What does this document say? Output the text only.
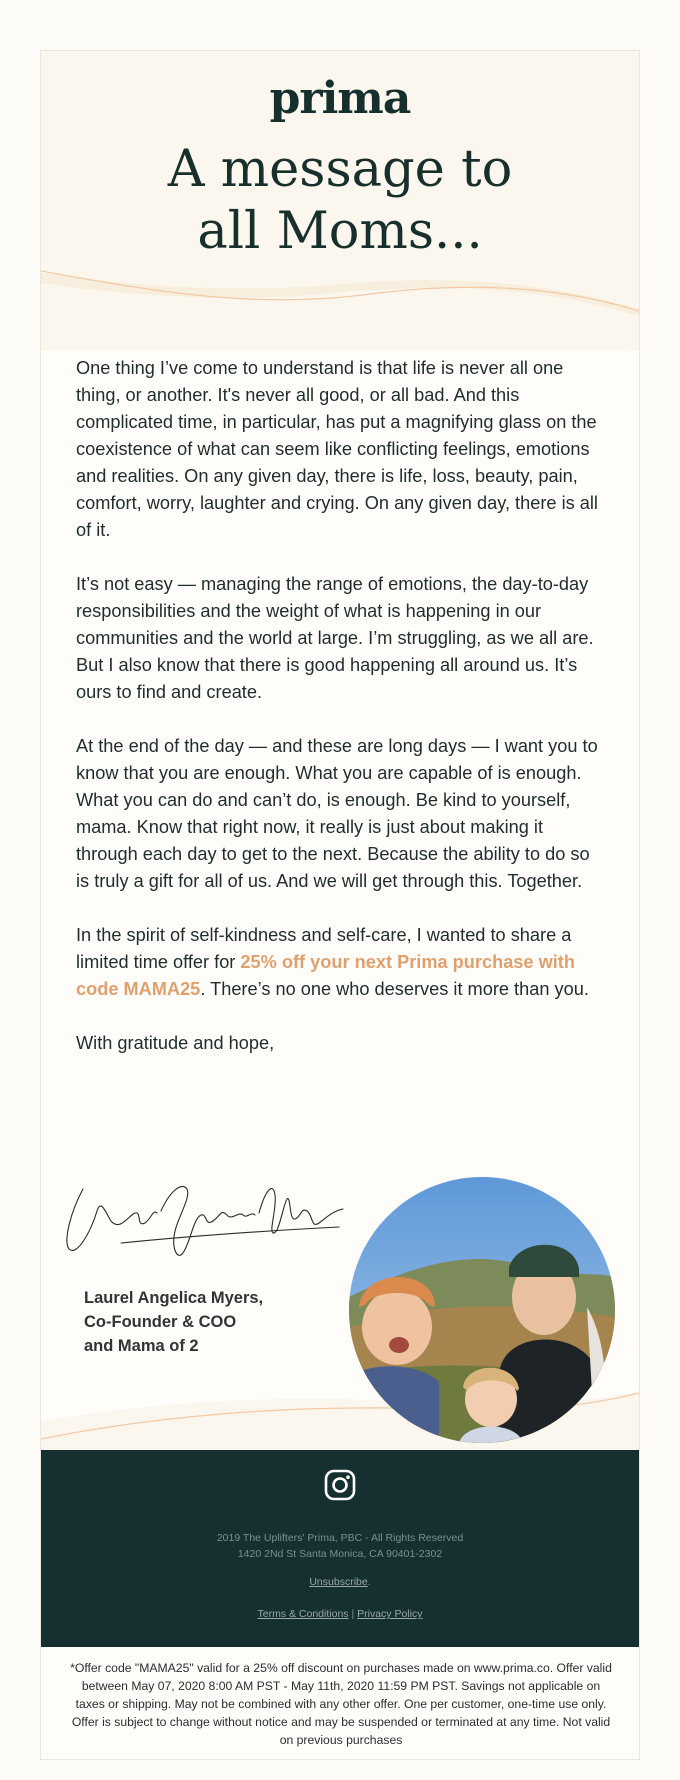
prima
A message to
all Moms...

One thing I’ve come to understand is that life is never all one thing, or another. It's never all good, or all bad. And this complicated time, in particular, has put a magnifying glass on the coexistence of what can seem like conflicting feelings, emotions and realities. On any given day, there is life, loss, beauty, pain, comfort, worry, laughter and crying. On any given day, there is all of it.

It’s not easy — managing the range of emotions, the day-to-day responsibilities and the weight of what is happening in our communities and the world at large. I’m struggling, as we all are. But I also know that there is good happening all around us. It’s ours to find and create.

At the end of the day — and these are long days — I want you to know that you are enough. What you are capable of is enough. What you can do and can’t do, is enough. Be kind to yourself, mama. Know that right now, it really is just about making it through each day to get to the next. Because the ability to do so is truly a gift for all of us. And we will get through this. Together.

In the spirit of self-kindness and self-care, I wanted to share a limited time offer for 25% off your next Prima purchase with code MAMA25. There’s no one who deserves it more than you.

With gratitude and hope,

Laurel Angelica Myers
Laurel Angelica Myers,
Co-Founder & COO
and Mama of 2
2019 The Uplifters' Prima, PBC - All Rights Reserved
1420 2Nd St Santa Monica, CA 90401-2302
Unsubscribe.
Terms & Conditions | Privacy Policy
*Offer code "MAMA25" valid for a 25% off discount on purchases made on www.prima.co. Offer valid between May 07, 2020 8:00 AM PST - May 11th, 2020 11:59 PM PST. Savings not applicable on taxes or shipping. May not be combined with any other offer. One per customer, one-time use only. Offer is subject to change without notice and may be suspended or terminated at any time. Not valid on previous purchases
